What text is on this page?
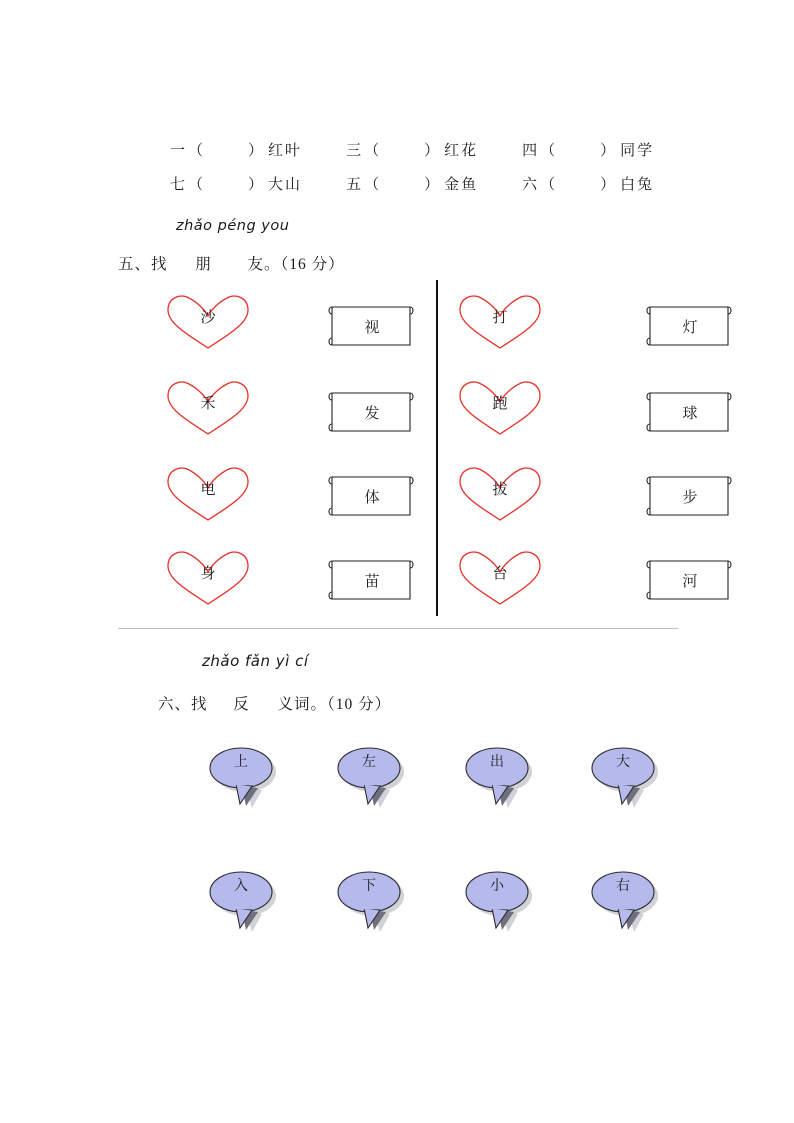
一 （	） 红叶	三 （	） 红花	四 （	） 同学
七 （	） 大山	五 （	） 金鱼	六 （	） 白兔
zhǎo péng you
五、找 朋 友。（16 分）
沙
禾
电
身
视
发
体
苗
打
跑
拔
台
灯
球
步
河
zhǎo fǎn yì cí
六、找 反 义词。（10 分）
上	左	出	大
入	下	小	右
